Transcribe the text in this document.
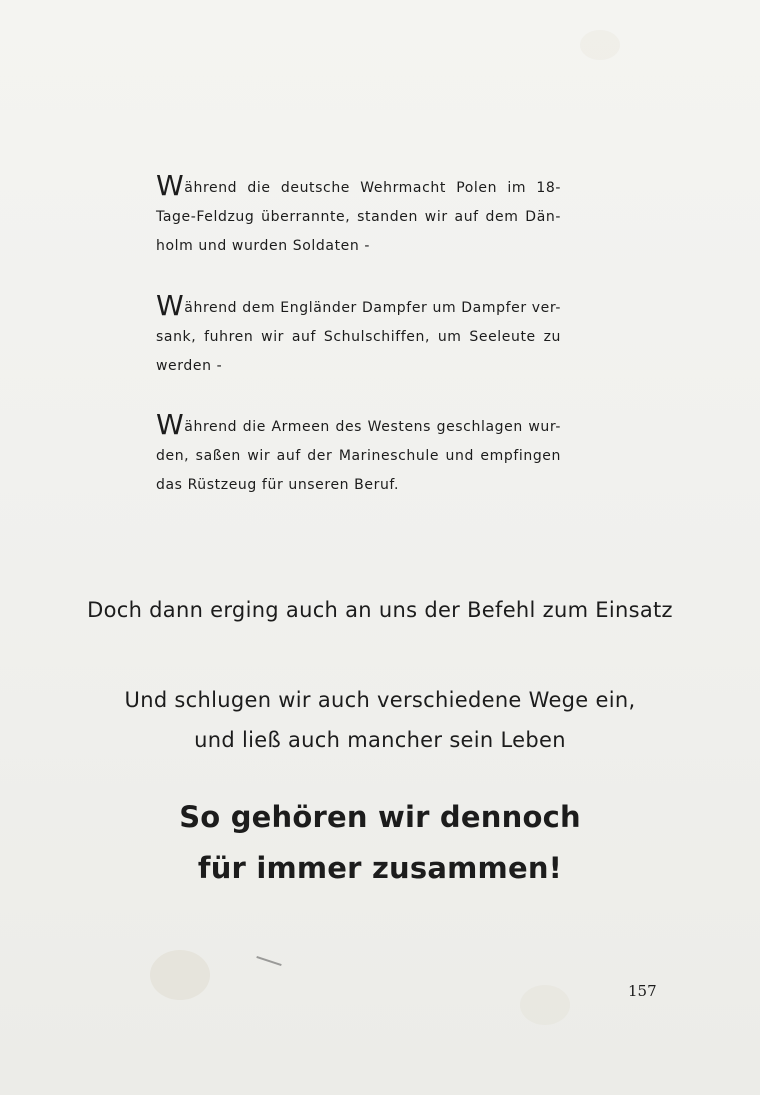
Während die deutsche Wehrmacht Polen im 18-
Tage-Feldzug überrannte, standen wir auf dem Dän-
holm und wurden Soldaten -

Während dem Engländer Dampfer um Dampfer ver-
sank, fuhren wir auf Schulschiffen, um Seeleute zu
werden -

Während die Armeen des Westens geschlagen wur-
den, saßen wir auf der Marineschule und empfingen
das Rüstzeug für unseren Beruf.

Doch dann erging auch an uns der Befehl zum Einsatz

Und schlugen wir auch verschiedene Wege ein,

und ließ auch mancher sein Leben

So gehören wir dennoch

für immer zusammen!

157
